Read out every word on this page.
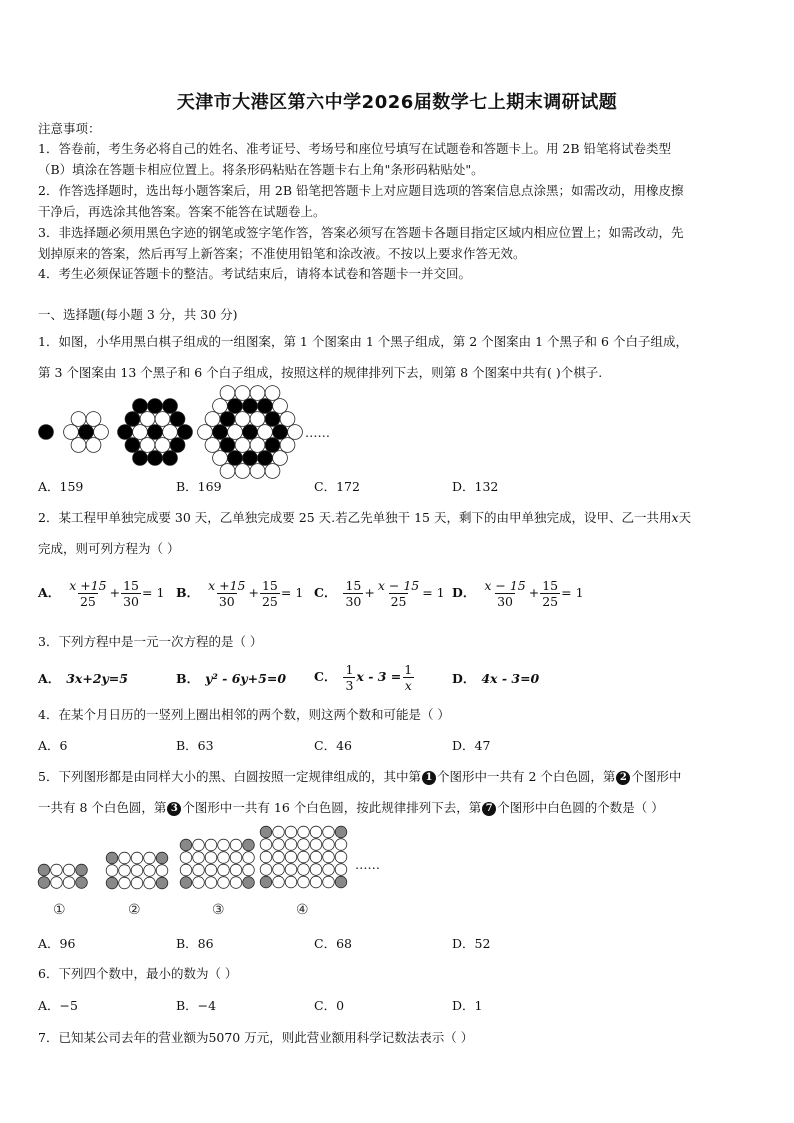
天津市大港区第六中学2026届数学七上期末调研试题
注意事项：
1．答卷前，考生务必将自己的姓名、准考证号、考场号和座位号填写在试题卷和答题卡上。用 2B 铅笔将试卷类型
（B）填涂在答题卡相应位置上。将条形码粘贴在答题卡右上角"条形码粘贴处"。
2．作答选择题时，选出每小题答案后，用 2B 铅笔把答题卡上对应题目选项的答案信息点涂黑；如需改动，用橡皮擦
干净后，再选涂其他答案。答案不能答在试题卷上。
3．非选择题必须用黑色字迹的钢笔或签字笔作答，答案必须写在答题卡各题目指定区域内相应位置上；如需改动，先
划掉原来的答案，然后再写上新答案；不准使用铅笔和涂改液。不按以上要求作答无效。
4．考生必须保证答题卡的整洁。考试结束后，请将本试卷和答题卡一并交回。
一、选择题(每小题 3 分，共 30 分)
1．如图，小华用黑白棋子组成的一组图案，第 1 个图案由 1 个黑子组成，第 2 个图案由 1 个黑子和 6 个白子组成，
第 3 个图案由 13 个黑子和 6 个白子组成，按照这样的规律排列下去，则第 8 个图案中共有( )个棋子.
……
A．159	B．169	C．172	D．132
2．某工程甲单独完成要 30 天，乙单独完成要 25 天.若乙先单独干 15 天，剩下的由甲单独完成，设甲、乙一共用x天
完成，则可列方程为（ ）
A． $\frac{x +15}{25} + \frac{15}{30} = 1$ B． $\frac{x +15}{30} + \frac{15}{25} = 1$ C． $\frac{15}{30} + \frac{x - 15}{25} = 1$ D． $\frac{x - 15}{30} + \frac{15}{25} = 1$
3．下列方程中是一元一次方程的是（ ）
A． 3x+2y=5	B． y² - 6y+5=0 C． $\frac{1}{3}$ $x - 3 = \frac{1}{x}$	D． 4x - 3=0
4．在某个月日历的一竖列上圈出相邻的两个数，则这两个数和可能是（ ）
A．6	B．63	C．46	D．47
5．下列图形都是由同样大小的黑、白圆按照一定规律组成的，其中第 1 个图形中一共有 2 个白色圆，第 2 个图形中
一共有 8 个白色圆，第 3 个图形中一共有 16 个白色圆，按此规律排列下去，第 7 个图形中白色圆的个数是（ ）
……
①	②	③	④
A．96	B．86	C．68	D．52
6．下列四个数中，最小的数为（ ）
A．−5	B．−4	C．0	D．1
7．已知某公司去年的营业额为5070 万元，则此营业额用科学记数法表示（ ）
